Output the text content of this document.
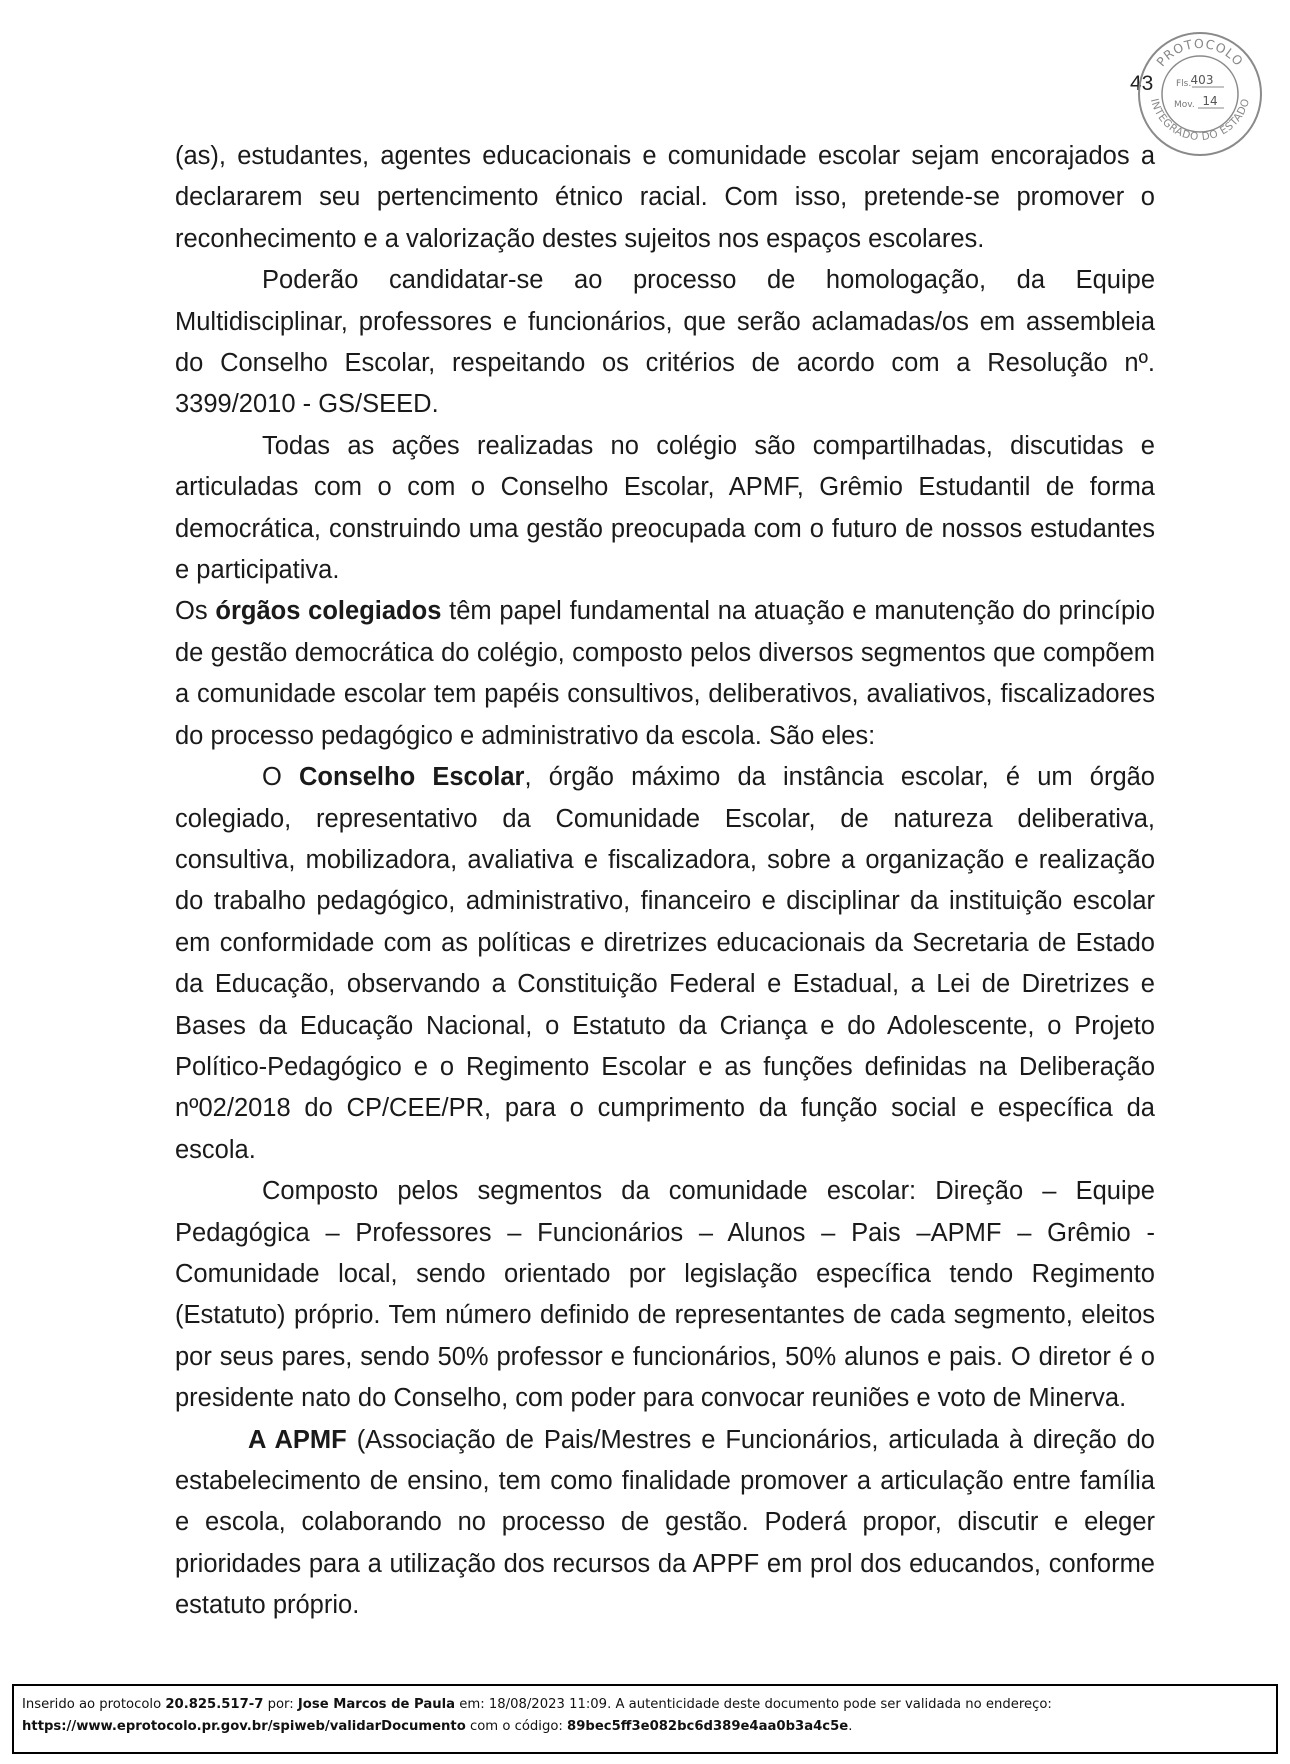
43
PROTOCOLO
INTEGRADO DO ESTADO
Fls. 403
Mov. 14

(as), estudantes, agentes educacionais e comunidade escolar sejam encorajados a declararem seu pertencimento étnico racial. Com isso, pretende-se promover o reconhecimento e a valorização destes sujeitos nos espaços escolares.

Poderão candidatar-se ao processo de homologação, da Equipe Multidisciplinar, professores e funcionários, que serão aclamadas/os em assembleia do Conselho Escolar, respeitando os critérios de acordo com a Resolução nº. 3399/2010 - GS/SEED.

Todas as ações realizadas no colégio são compartilhadas, discutidas e articuladas com o com o Conselho Escolar, APMF, Grêmio Estudantil de forma democrática, construindo uma gestão preocupada com o futuro de nossos estudantes e participativa.

Os órgãos colegiados têm papel fundamental na atuação e manutenção do princípio de gestão democrática do colégio, composto pelos diversos segmentos que compõem a comunidade escolar tem papéis consultivos, deliberativos, avaliativos, fiscalizadores do processo pedagógico e administrativo da escola. São eles:

O Conselho Escolar, órgão máximo da instância escolar, é um órgão colegiado, representativo da Comunidade Escolar, de natureza deliberativa, consultiva, mobilizadora, avaliativa e fiscalizadora, sobre a organização e realização do trabalho pedagógico, administrativo, financeiro e disciplinar da instituição escolar em conformidade com as políticas e diretrizes educacionais da Secretaria de Estado da Educação, observando a Constituição Federal e Estadual, a Lei de Diretrizes e Bases da Educação Nacional, o Estatuto da Criança e do Adolescente, o Projeto Político-Pedagógico e o Regimento Escolar e as funções definidas na Deliberação nº02/2018 do CP/CEE/PR, para o cumprimento da função social e específica da escola.

Composto pelos segmentos da comunidade escolar: Direção – Equipe Pedagógica – Professores – Funcionários – Alunos – Pais –APMF – Grêmio - Comunidade local, sendo orientado por legislação específica tendo Regimento (Estatuto) próprio. Tem número definido de representantes de cada segmento, eleitos por seus pares, sendo 50% professor e funcionários, 50% alunos e pais. O diretor é o presidente nato do Conselho, com poder para convocar reuniões e voto de Minerva.

A APMF (Associação de Pais/Mestres e Funcionários, articulada à direção do estabelecimento de ensino, tem como finalidade promover a articulação entre família e escola, colaborando no processo de gestão. Poderá propor, discutir e eleger prioridades para a utilização dos recursos da APPF em prol dos educandos, conforme estatuto próprio.

Inserido ao protocolo 20.825.517-7 por: Jose Marcos de Paula em: 18/08/2023 11:09. A autenticidade deste documento pode ser validada no endereço:
https://www.eprotocolo.pr.gov.br/spiweb/validarDocumento com o código: 89bec5ff3e082bc6d389e4aa0b3a4c5e.
